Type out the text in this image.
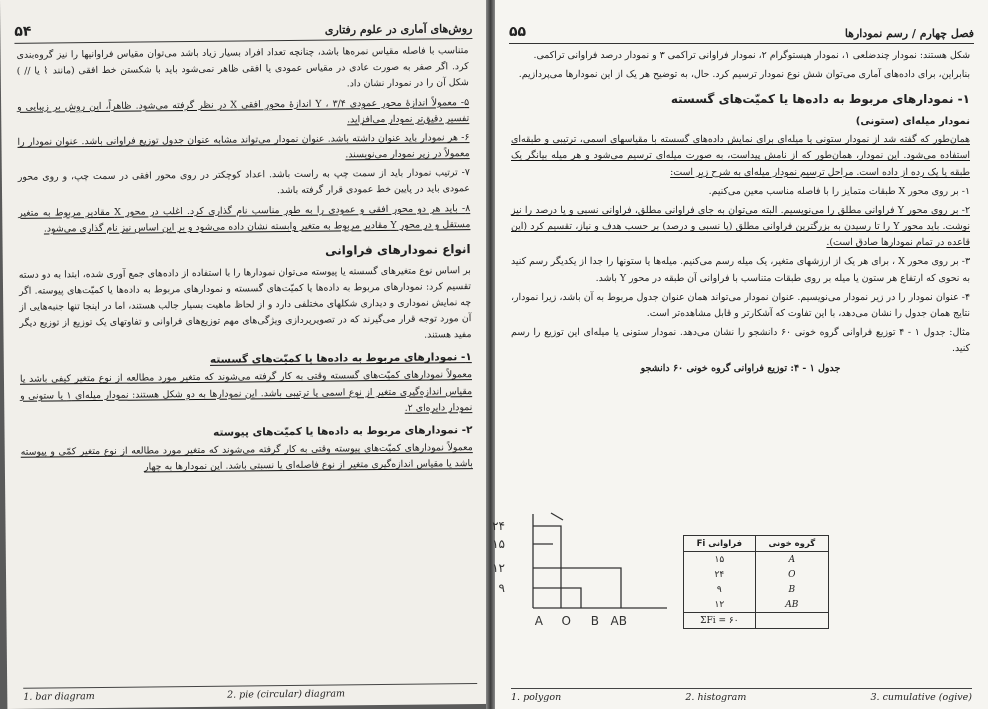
روش‌های آماری در علوم رفتاری
۵۴

متناسب با فاصله مقیاس نمره‌ها باشد، چنانچه تعداد افراد بسیار زیاد باشد می‌توان مقیاس فراوانیها را نیز گروه‌بندی کرد. اگر صفر به صورت عادی در مقیاس عمودی یا افقی ظاهر نمی‌شود باید با شکستن خط افقی (مانند ⌇ یا // ) شکل آن را در نمودار نشان داد.

۵- معمولاً اندازهٔ محور عمودی Y ، ۳/۴ اندازهٔ محور افقی X در نظر گرفته می‌شود. ظاهراً، این روش بر زیبایی و تفسیر دقیق‌تر نمودار می‌افزاید.

۶- هر نمودار باید عنوان داشته باشد. عنوان نمودار می‌تواند مشابه عنوان جدول توزیع فراوانی باشد. عنوان نمودار را معمولاً در زیر نمودار می‌نویسند.

۷- ترتیب نمودار باید از سمت چپ به راست باشد. اعداد کوچکتر در روی محور افقی در سمت چپ، و روی محور عمودی باید در پایین خط عمودی قرار گرفته باشد.

۸- باید هر دو محور افقی و عمودی را به طور مناسب نام گذاری کرد. اغلب در محور X مقادیر مربوط به متغیر مستقل و در محور Y مقادیر مربوط به متغیر وابسته نشان داده می‌شود و بر این اساس نیز نام گذاری می‌شود.

انواع نمودارهای فراوانی

بر اساس نوع متغیرهای گسسته یا پیوسته می‌توان نمودارها را با استفاده از داده‌های جمع آوری شده، ابتدا به دو دسته تقسیم کرد: نمودارهای مربوط به داده‌ها یا کمیّت‌های گسسته و نمودارهای مربوط به داده‌ها یا کمیّت‌های پیوسته. اگر چه نمایش نموداری و دیداری شکلهای مختلفی دارد و از لحاظ ماهیت بسیار جالب هستند، اما در اینجا تنها جنبه‌هایی از آن مورد توجه قرار می‌گیرند که در تصویرپردازی ویژگی‌های مهم توزیع‌های فراوانی و تفاوتهای یک توزیع از توزیع دیگر مفید هستند.

۱- نمودارهای مربوط به داده‌ها یا کمیّت‌های گسسته

معمولاً نمودارهای کمیّت‌های گسسته وقتی به کار گرفته می‌شوند که متغیر مورد مطالعه از نوع متغیر کیفی باشد یا مقیاس اندازه‌گیری متغیر از نوع اسمی یا ترتیبی باشد. این نمودارها به دو شکل هستند: نمودار میله‌ای ۱ یا ستونی و نمودار دایره‌ای ۲.

۲- نمودارهای مربوط به داده‌ها یا کمیّت‌های پیوسته

معمولاً نمودارهای کمیّت‌های پیوسته وقتی به کار گرفته می‌شوند که متغیر مورد مطالعه از نوع متغیر کمّی و پیوسته باشد یا مقیاس اندازه‌گیری متغیر از نوع فاصله‌ای یا نسبتی باشد. این نمودارها به چهار

1. bar diagram	2. pie (circular) diagram
فصل چهارم / رسم نمودارها
۵۵

شکل هستند: نمودار چندضلعی ۱، نمودار هیستوگرام ۲، نمودار فراوانی تراکمی ۳ و نمودار درصد فراوانی تراکمی.

بنابراین، برای داده‌های آماری می‌توان شش نوع نمودار ترسیم کرد. حال، به توضیح هر یک از این نمودارها می‌پردازیم.

۱- نمودارهای مربوط به داده‌ها یا کمیّت‌های گسسته
نمودار میله‌ای (ستونی)

همان‌طور که گفته شد از نمودار ستونی یا میله‌ای برای نمایش داده‌های گسسته با مقیاسهای اسمی، ترتیبی و طبقه‌ای استفاده می‌شود. این نمودار، همان‌طور که از نامش پیداست، به صورت میله‌ای ترسیم می‌شود و هر میله بیانگر یک طبقه یا یک رده از داده است. مراحل ترسیم نمودار میله‌ای به شرح زیر است:

۱- بر روی محور X طبقات متمایز را با فاصله مناسب معین می‌کنیم.

۲- بر روی محور Y فراوانی مطلق را می‌نویسیم. البته می‌توان به جای فراوانی مطلق، فراوانی نسبی و یا درصد را نیز نوشت. باید محور Y را تا رسیدن به بزرگترین فراوانی مطلق (یا نسبی و درصد) بر حسب هدف و نیاز، تقسیم کرد (این قاعده در تمام نمودارها صادق است).

۳- بر روی محور X ، برای هر یک از ارزشهای متغیر، یک میله رسم می‌کنیم. میله‌ها یا ستونها را جدا از یکدیگر رسم کنید به نحوی که ارتفاع هر ستون یا میله بر روی طبقات متناسب با فراوانی آن طبقه در محور Y باشد.

۴- عنوان نمودار را در زیر نمودار می‌نویسیم. عنوان نمودار می‌تواند همان عنوان جدول مربوط به آن باشد، زیرا نمودار، نتایج همان جدول را نشان می‌دهد، با این تفاوت که آشکارتر و قابل مشاهده‌تر است.

مثال: جدول ۱ - ۴ توزیع فراوانی گروه خونی ۶۰ دانشجو را نشان می‌دهد. نمودار ستونی یا میله‌ای این توزیع را رسم کنید.

جدول ۱ - ۴: توزیع فراوانی گروه خونی ۶۰ دانشجو
گروه خونی	فراوانی Fi
A	۱۵
O	۲۴
B	۹
AB	۱۲
	ΣFi = ۶۰
۲۴
۱۵
۱۲
۹
A O B AB
1. polygon	2. histogram	3. cumulative (ogive)
